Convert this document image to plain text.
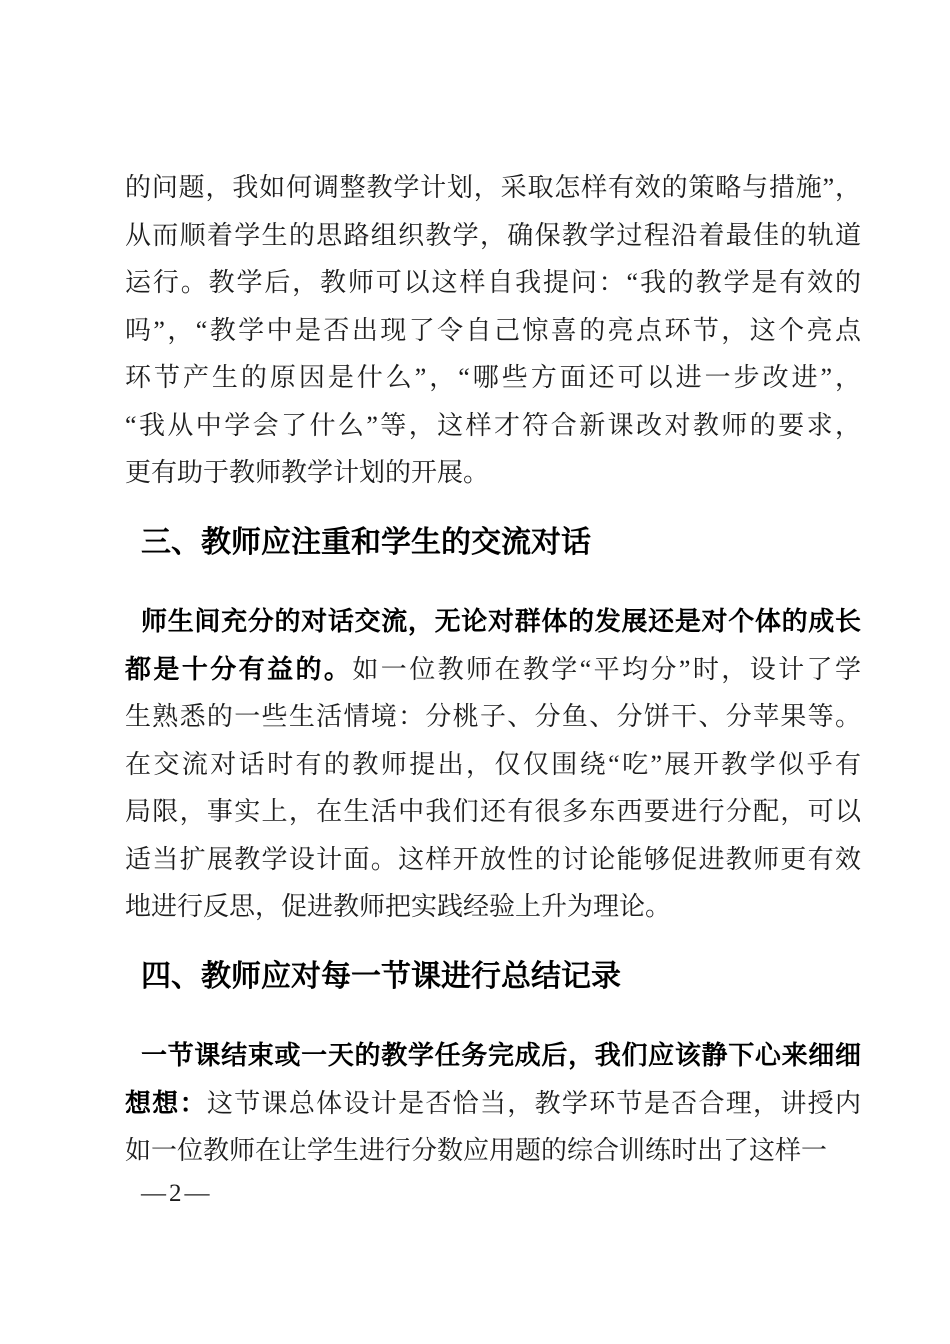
的问题，我如何调整教学计划，采取怎样有效的策略与措施”，
从而顺着学生的思路组织教学，确保教学过程沿着最佳的轨道
运行。教学后，教师可以这样自我提问：“我的教学是有效的
吗”，“教学中是否出现了令自己惊喜的亮点环节，这个亮点
环节产生的原因是什么”，“哪些方面还可以进一步改进”，
“我从中学会了什么”等，这样才符合新课改对教师的要求，
更有助于教师教学计划的开展。
三、教师应注重和学生的交流对话
师生间充分的对话交流，无论对群体的发展还是对个体的成长
都是十分有益的。如一位教师在教学“平均分”时，设计了学
生熟悉的一些生活情境：分桃子、分鱼、分饼干、分苹果等。
在交流对话时有的教师提出，仅仅围绕“吃”展开教学似乎有
局限，事实上，在生活中我们还有很多东西要进行分配，可以
适当扩展教学设计面。这样开放性的讨论能够促进教师更有效
地进行反思，促进教师把实践经验上升为理论。
四、教师应对每一节课进行总结记录
一节课结束或一天的教学任务完成后，我们应该静下心来细细
想想：这节课总体设计是否恰当，教学环节是否合理，讲授内
如一位教师在让学生进行分数应用题的综合训练时出了这样一
—2—
